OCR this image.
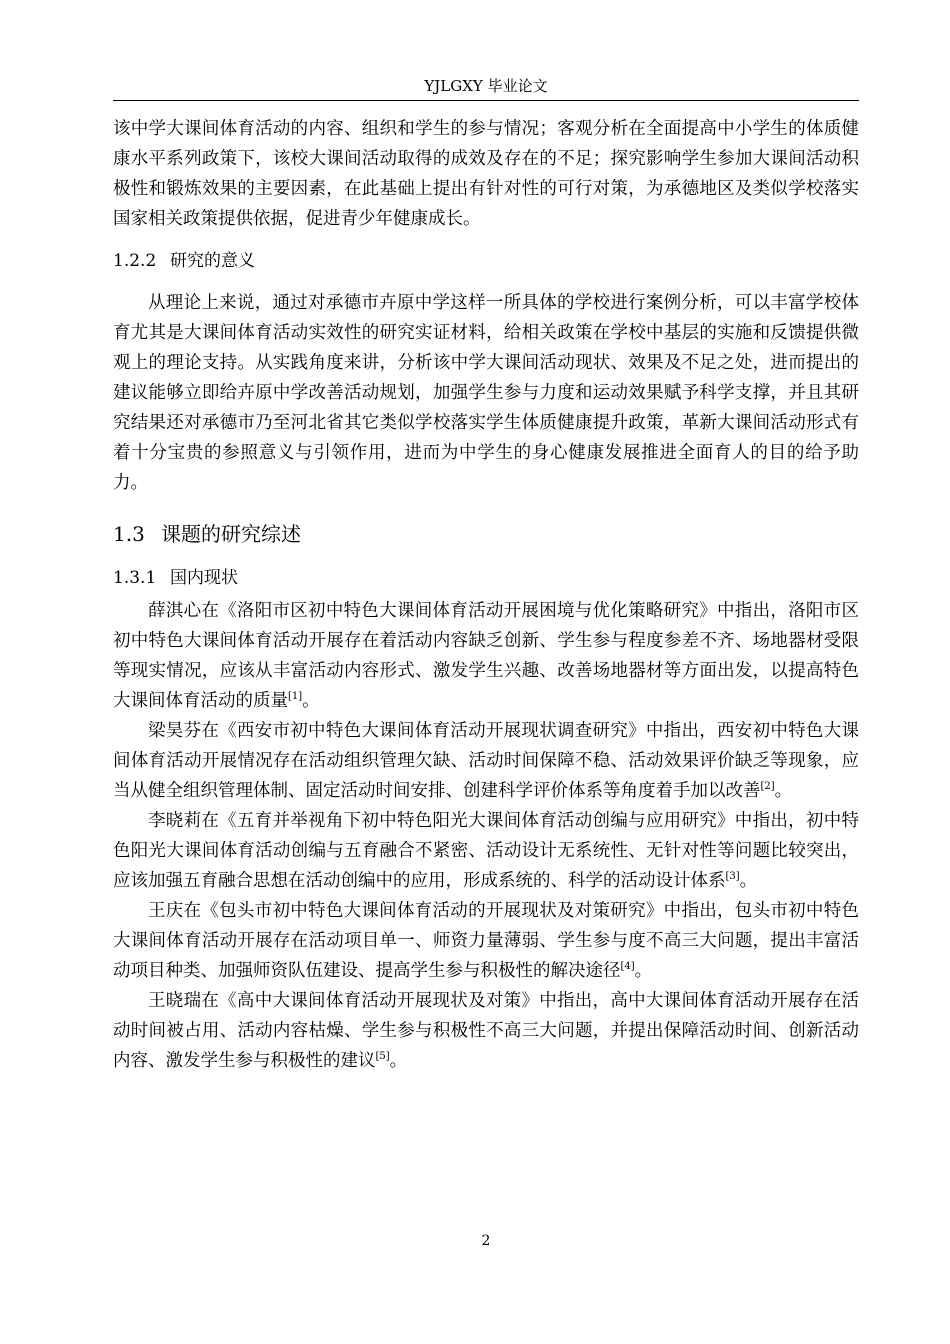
YJLGXY 毕业论文

该中学大课间体育活动的内容、组织和学生的参与情况；客观分析在全面提高中小学生的体质健康水平系列政策下，该校大课间活动取得的成效及存在的不足；探究影响学生参加大课间活动积极性和锻炼效果的主要因素，在此基础上提出有针对性的可行对策，为承德地区及类似学校落实国家相关政策提供依据，促进青少年健康成长。

1.2.2 研究的意义

从理论上来说，通过对承德市卉原中学这样一所具体的学校进行案例分析，可以丰富学校体育尤其是大课间体育活动实效性的研究实证材料，给相关政策在学校中基层的实施和反馈提供微观上的理论支持。从实践角度来讲，分析该中学大课间活动现状、效果及不足之处，进而提出的建议能够立即给卉原中学改善活动规划，加强学生参与力度和运动效果赋予科学支撑，并且其研究结果还对承德市乃至河北省其它类似学校落实学生体质健康提升政策，革新大课间活动形式有着十分宝贵的参照意义与引领作用，进而为中学生的身心健康发展推进全面育人的目的给予助力。

1.3 课题的研究综述
1.3.1 国内现状

薛淇心在《洛阳市区初中特色大课间体育活动开展困境与优化策略研究》中指出，洛阳市区初中特色大课间体育活动开展存在着活动内容缺乏创新、学生参与程度参差不齐、场地器材受限等现实情况，应该从丰富活动内容形式、激发学生兴趣、改善场地器材等方面出发，以提高特色大课间体育活动的质量[1]。

梁昊芬在《西安市初中特色大课间体育活动开展现状调查研究》中指出，西安初中特色大课间体育活动开展情况存在活动组织管理欠缺、活动时间保障不稳、活动效果评价缺乏等现象，应当从健全组织管理体制、固定活动时间安排、创建科学评价体系等角度着手加以改善[2]。

李晓莉在《五育并举视角下初中特色阳光大课间体育活动创编与应用研究》中指出，初中特色阳光大课间体育活动创编与五育融合不紧密、活动设计无系统性、无针对性等问题比较突出，应该加强五育融合思想在活动创编中的应用，形成系统的、科学的活动设计体系[3]。

王庆在《包头市初中特色大课间体育活动的开展现状及对策研究》中指出，包头市初中特色大课间体育活动开展存在活动项目单一、师资力量薄弱、学生参与度不高三大问题，提出丰富活动项目种类、加强师资队伍建设、提高学生参与积极性的解决途径[4]。

王晓瑞在《高中大课间体育活动开展现状及对策》中指出，高中大课间体育活动开展存在活动时间被占用、活动内容枯燥、学生参与积极性不高三大问题，并提出保障活动时间、创新活动内容、激发学生参与积极性的建议[5]。

2
